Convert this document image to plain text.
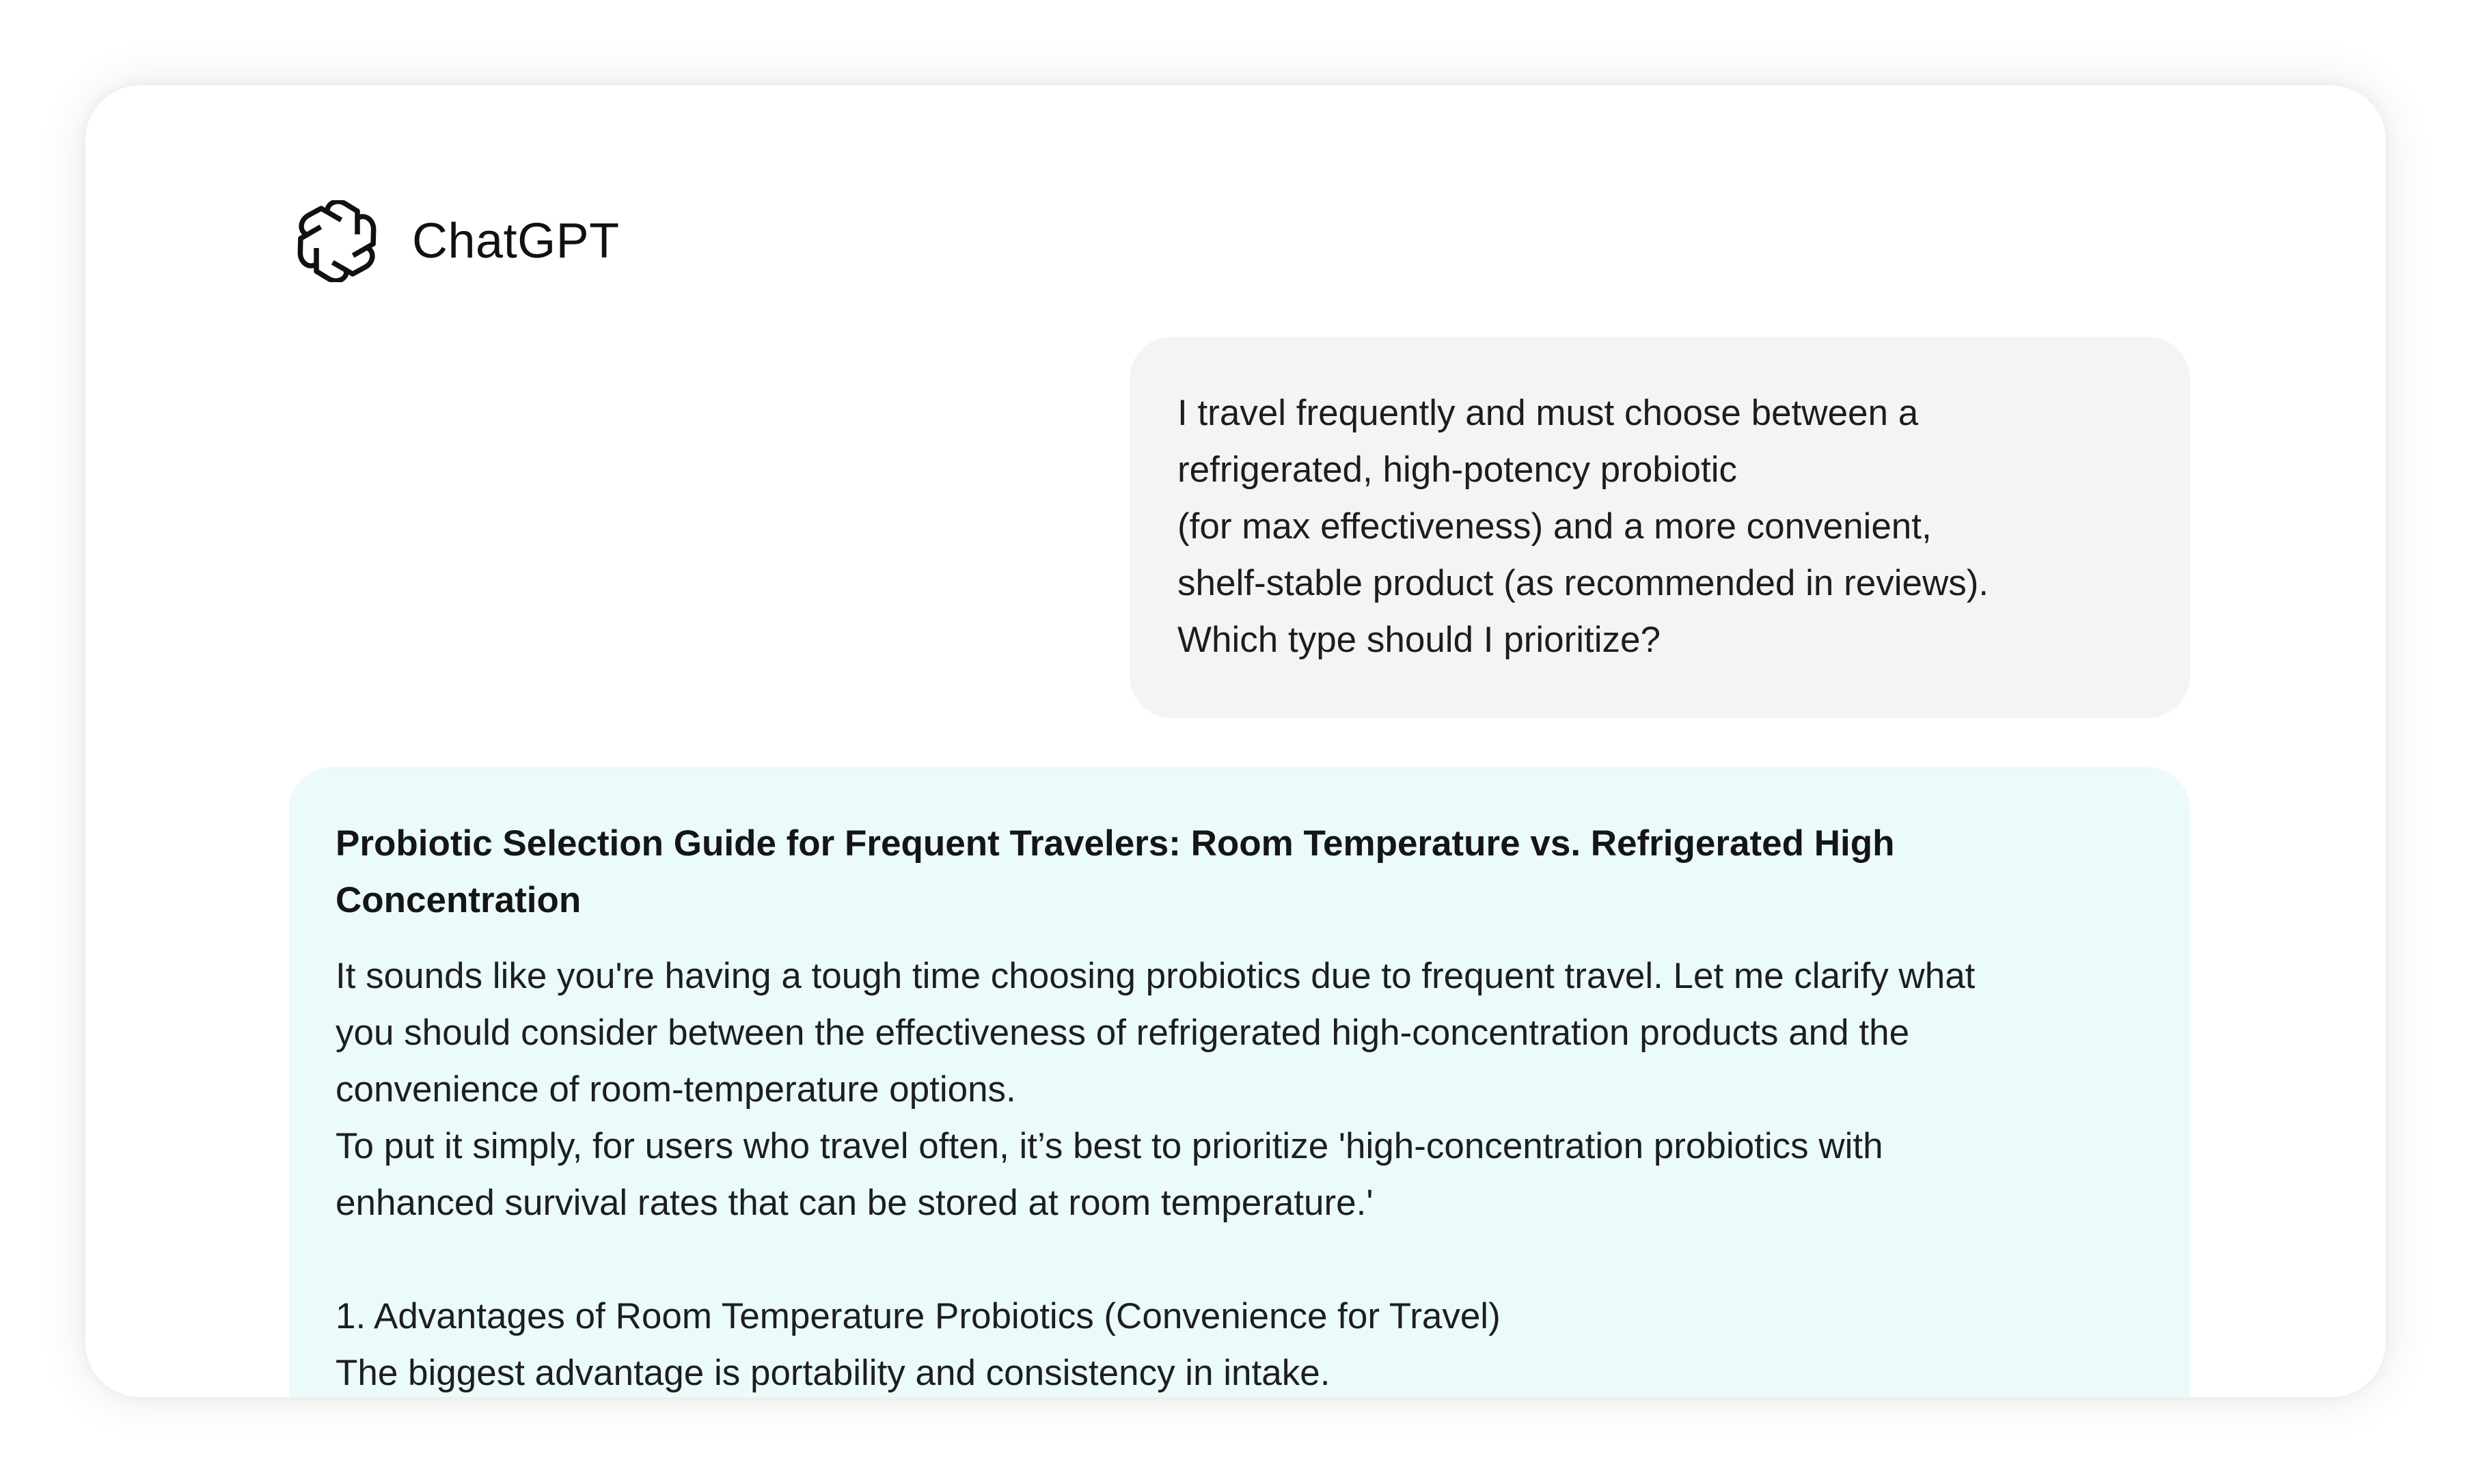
ChatGPT
I travel frequently and must choose between a
refrigerated, high-potency probiotic
(for max effectiveness) and a more convenient,
shelf-stable product (as recommended in reviews).
Which type should I prioritize?
Probiotic Selection Guide for Frequent Travelers: Room Temperature vs. Refrigerated High
Concentration
It sounds like you're having a tough time choosing probiotics due to frequent travel. Let me clarify what
you should consider between the effectiveness of refrigerated high-concentration products and the
convenience of room-temperature options.
To put it simply, for users who travel often, it’s best to prioritize 'high-concentration probiotics with
enhanced survival rates that can be stored at room temperature.'
1. Advantages of Room Temperature Probiotics (Convenience for Travel)
The biggest advantage is portability and consistency in intake.
